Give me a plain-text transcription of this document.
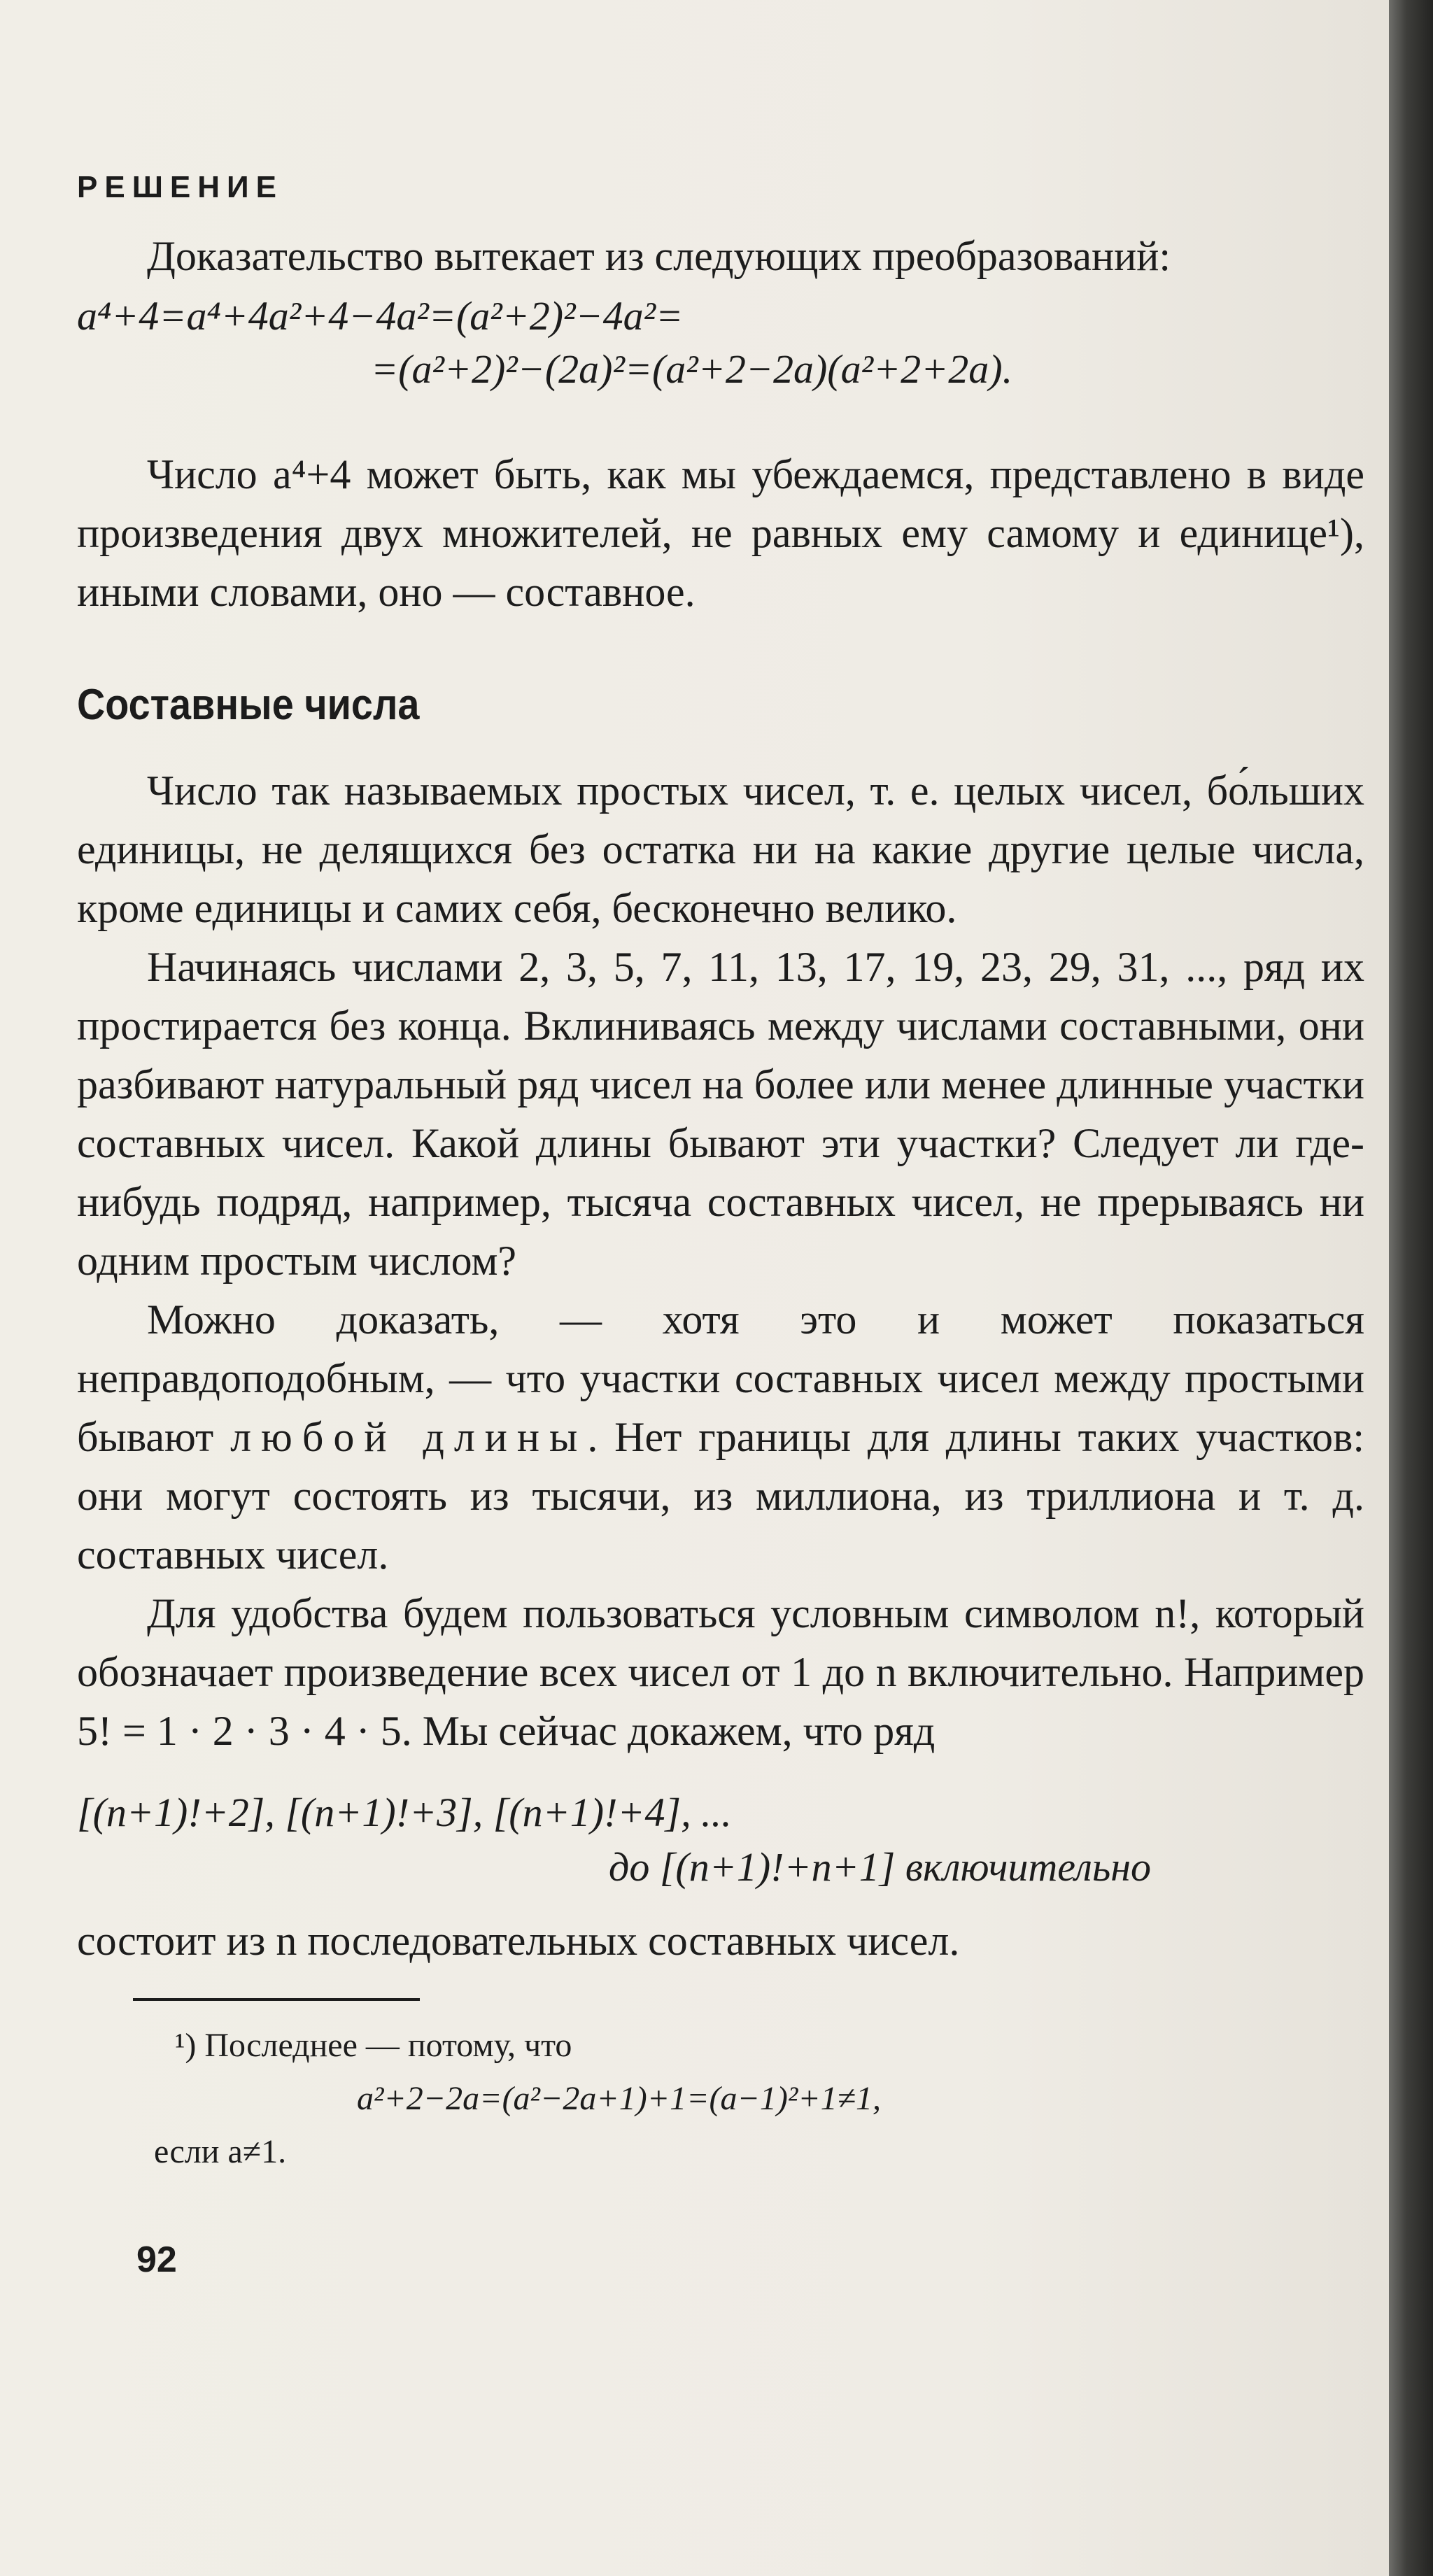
РЕШЕНИЕ

Доказательство вытекает из следующих преобразований:

a⁴+4=a⁴+4a²+4−4a²=(a²+2)²−4a²=
=(a²+2)²−(2a)²=(a²+2−2a)(a²+2+2a).

Число a⁴+4 может быть, как мы убеждаемся, представлено в виде произведения двух множителей, не равных ему самому и единице¹), иными словами, оно — составное.

Составные числа

Число так называемых простых чисел, т. е. целых чисел, бо́льших единицы, не делящихся без остатка ни на какие другие целые числа, кроме единицы и самих себя, бесконечно велико.

Начинаясь числами 2, 3, 5, 7, 11, 13, 17, 19, 23, 29, 31, ..., ряд их простирается без конца. Вклиниваясь между числами составными, они разбивают натуральный ряд чисел на более или менее длинные участки составных чисел. Какой длины бывают эти участки? Следует ли где-нибудь подряд, например, тысяча составных чисел, не прерываясь ни одним простым числом?

Можно доказать, — хотя это и может показаться неправдоподобным, — что участки составных чисел между простыми бывают любой длины. Нет границы для длины таких участков: они могут состоять из тысячи, из миллиона, из триллиона и т. д. составных чисел.

Для удобства будем пользоваться условным символом n!, который обозначает произведение всех чисел от 1 до n включительно. Например 5! = 1 · 2 · 3 · 4 · 5. Мы сейчас докажем, что ряд

[(n+1)!+2], [(n+1)!+3], [(n+1)!+4], ...
до [(n+1)!+n+1] включительно

состоит из n последовательных составных чисел.

¹) Последнее — потому, что
a²+2−2a=(a²−2a+1)+1=(a−1)²+1≠1,
если a≠1.
92
